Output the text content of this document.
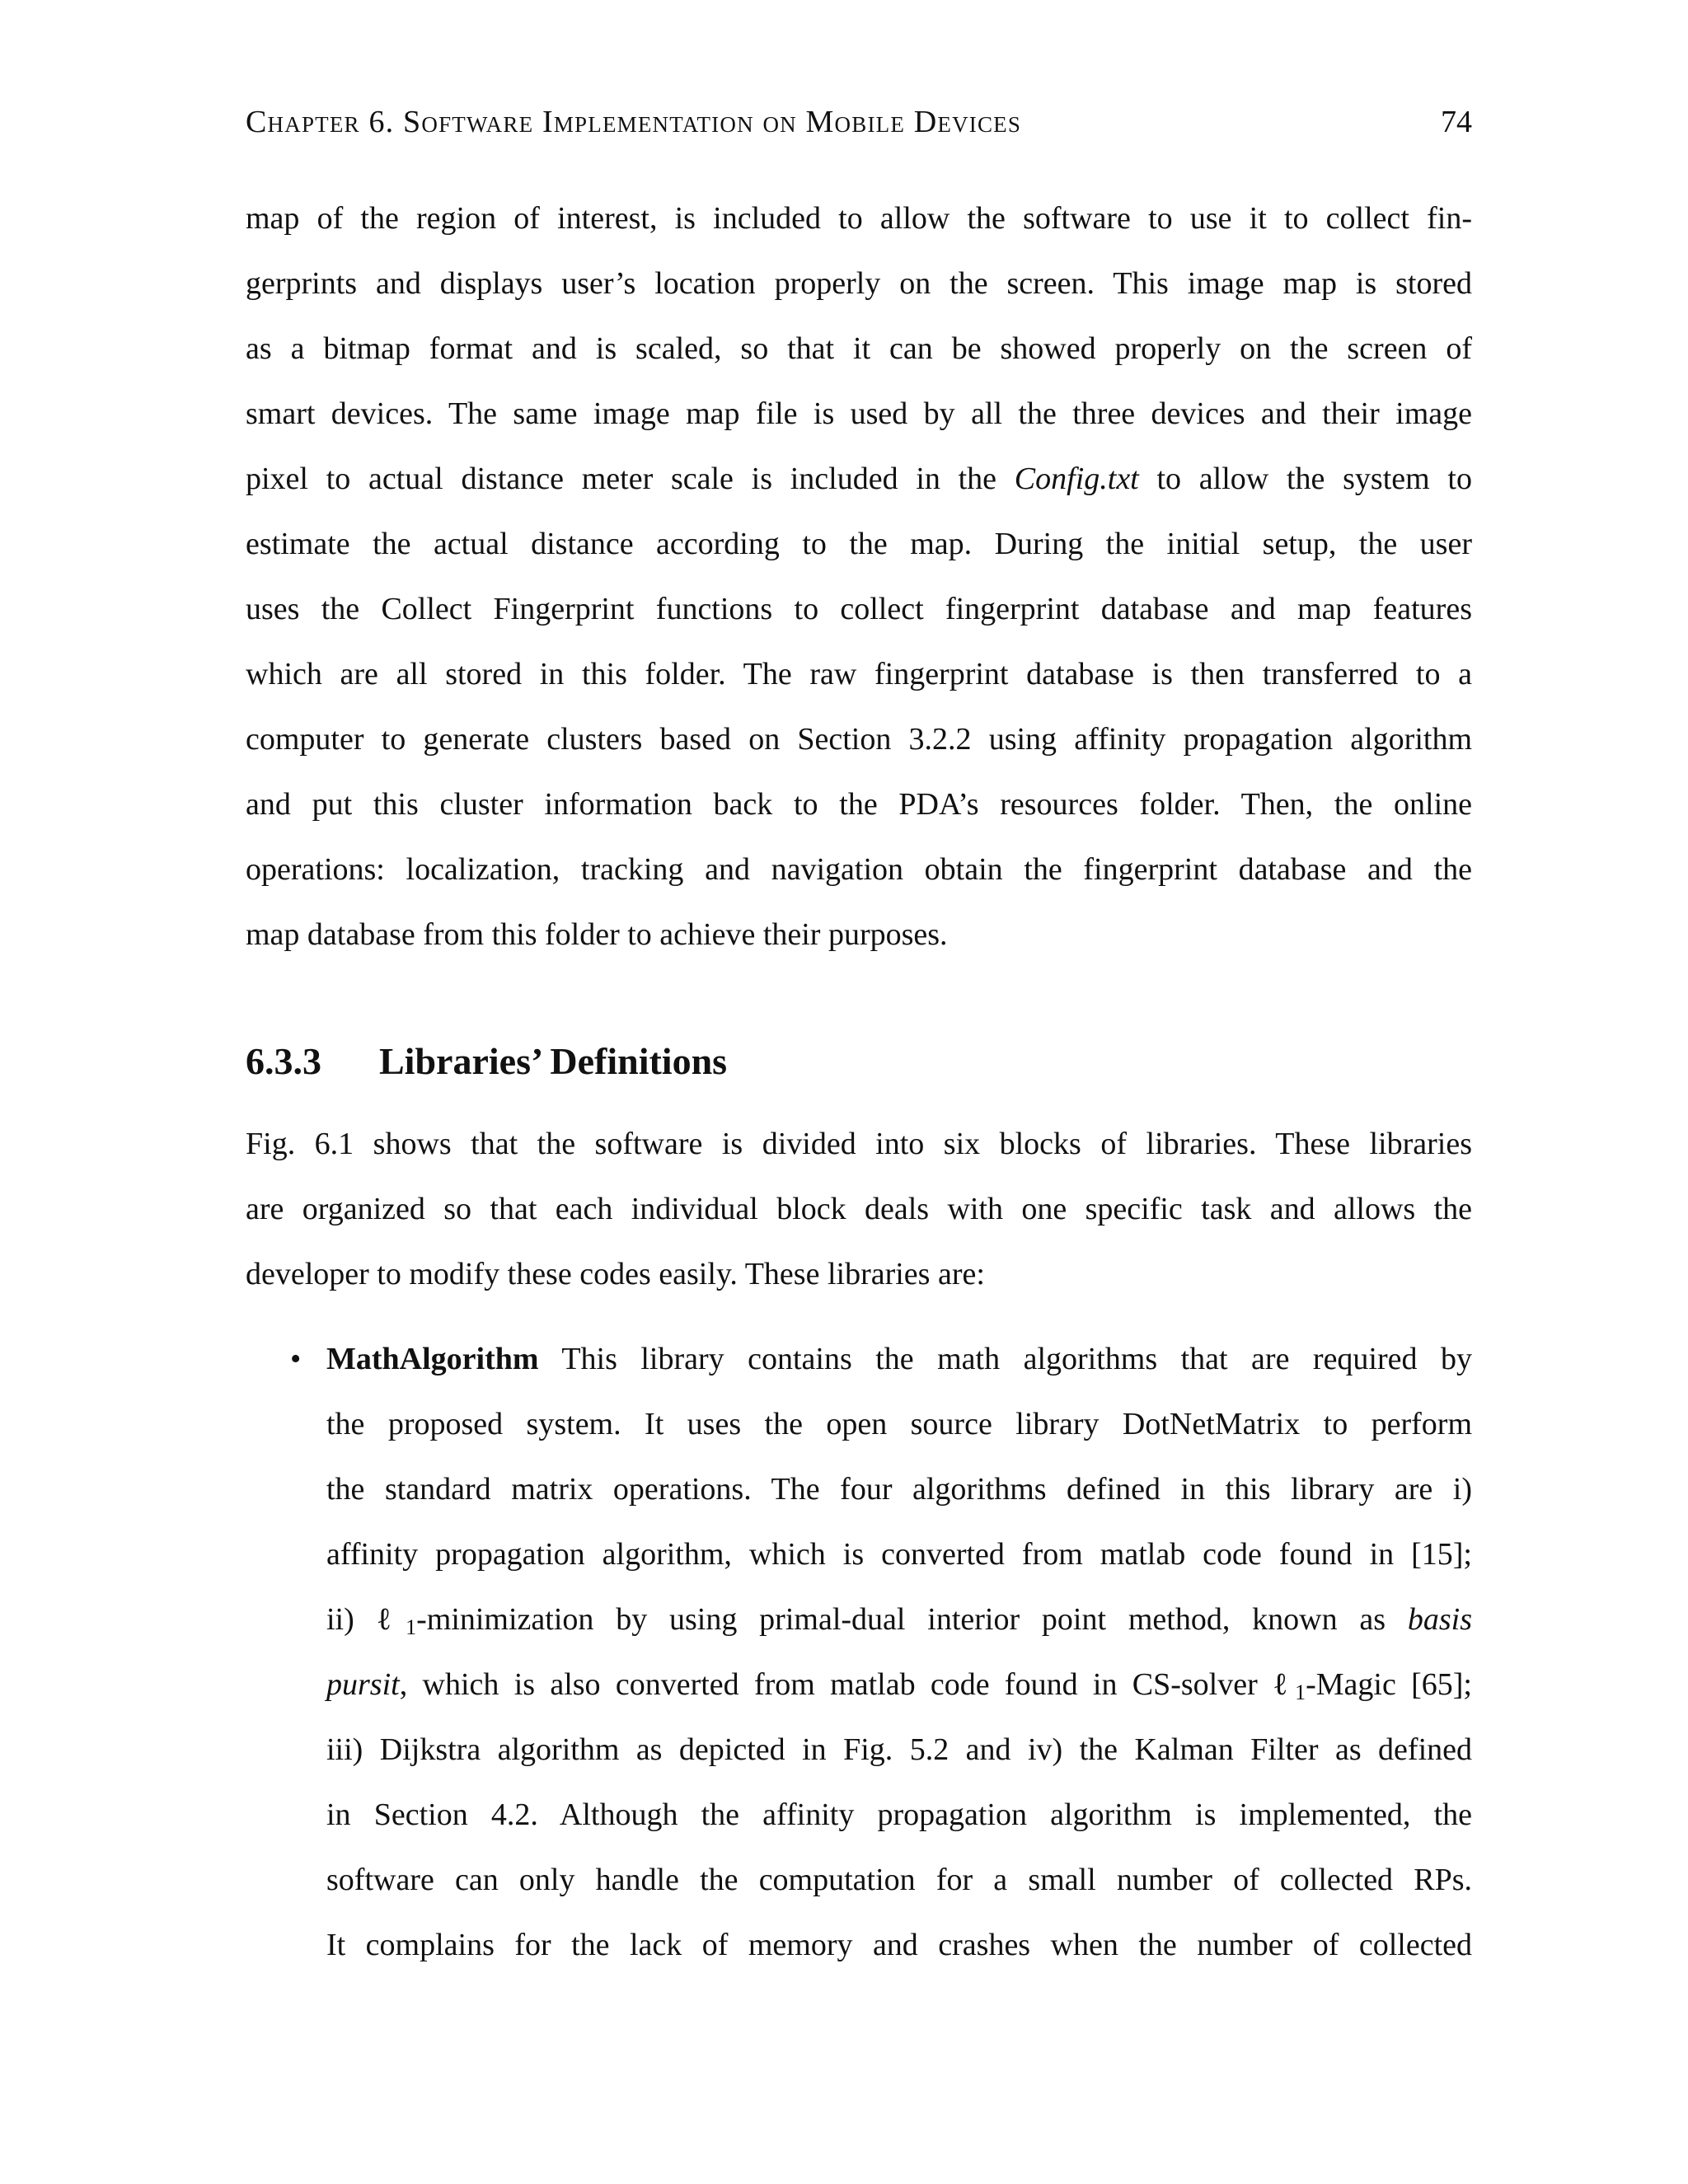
Chapter 6. Software Implementation on Mobile Devices	74
map of the region of interest, is included to allow the software to use it to collect fin-
gerprints and displays user’s location properly on the screen. This image map is stored
as a bitmap format and is scaled, so that it can be showed properly on the screen of
smart devices. The same image map file is used by all the three devices and their image
pixel to actual distance meter scale is included in the Config.txt to allow the system to
estimate the actual distance according to the map. During the initial setup, the user
uses the Collect Fingerprint functions to collect fingerprint database and map features
which are all stored in this folder. The raw fingerprint database is then transferred to a
computer to generate clusters based on Section 3.2.2 using affinity propagation algorithm
and put this cluster information back to the PDA’s resources folder. Then, the online
operations: localization, tracking and navigation obtain the fingerprint database and the
map database from this folder to achieve their purposes.
6.3.3 Libraries’ Definitions
Fig. 6.1 shows that the software is divided into six blocks of libraries. These libraries
are organized so that each individual block deals with one specific task and allows the
developer to modify these codes easily. These libraries are:
• MathAlgorithm This library contains the math algorithms that are required by
the proposed system. It uses the open source library DotNetMatrix to perform
the standard matrix operations. The four algorithms defined in this library are i)
affinity propagation algorithm, which is converted from matlab code found in [15];
ii) ℓ$_1$-minimization by using primal-dual interior point method, known as basis
pursit, which is also converted from matlab code found in CS-solver ℓ$_1$-Magic [65];
iii) Dijkstra algorithm as depicted in Fig. 5.2 and iv) the Kalman Filter as defined
in Section 4.2. Although the affinity propagation algorithm is implemented, the
software can only handle the computation for a small number of collected RPs.
It complains for the lack of memory and crashes when the number of collected
